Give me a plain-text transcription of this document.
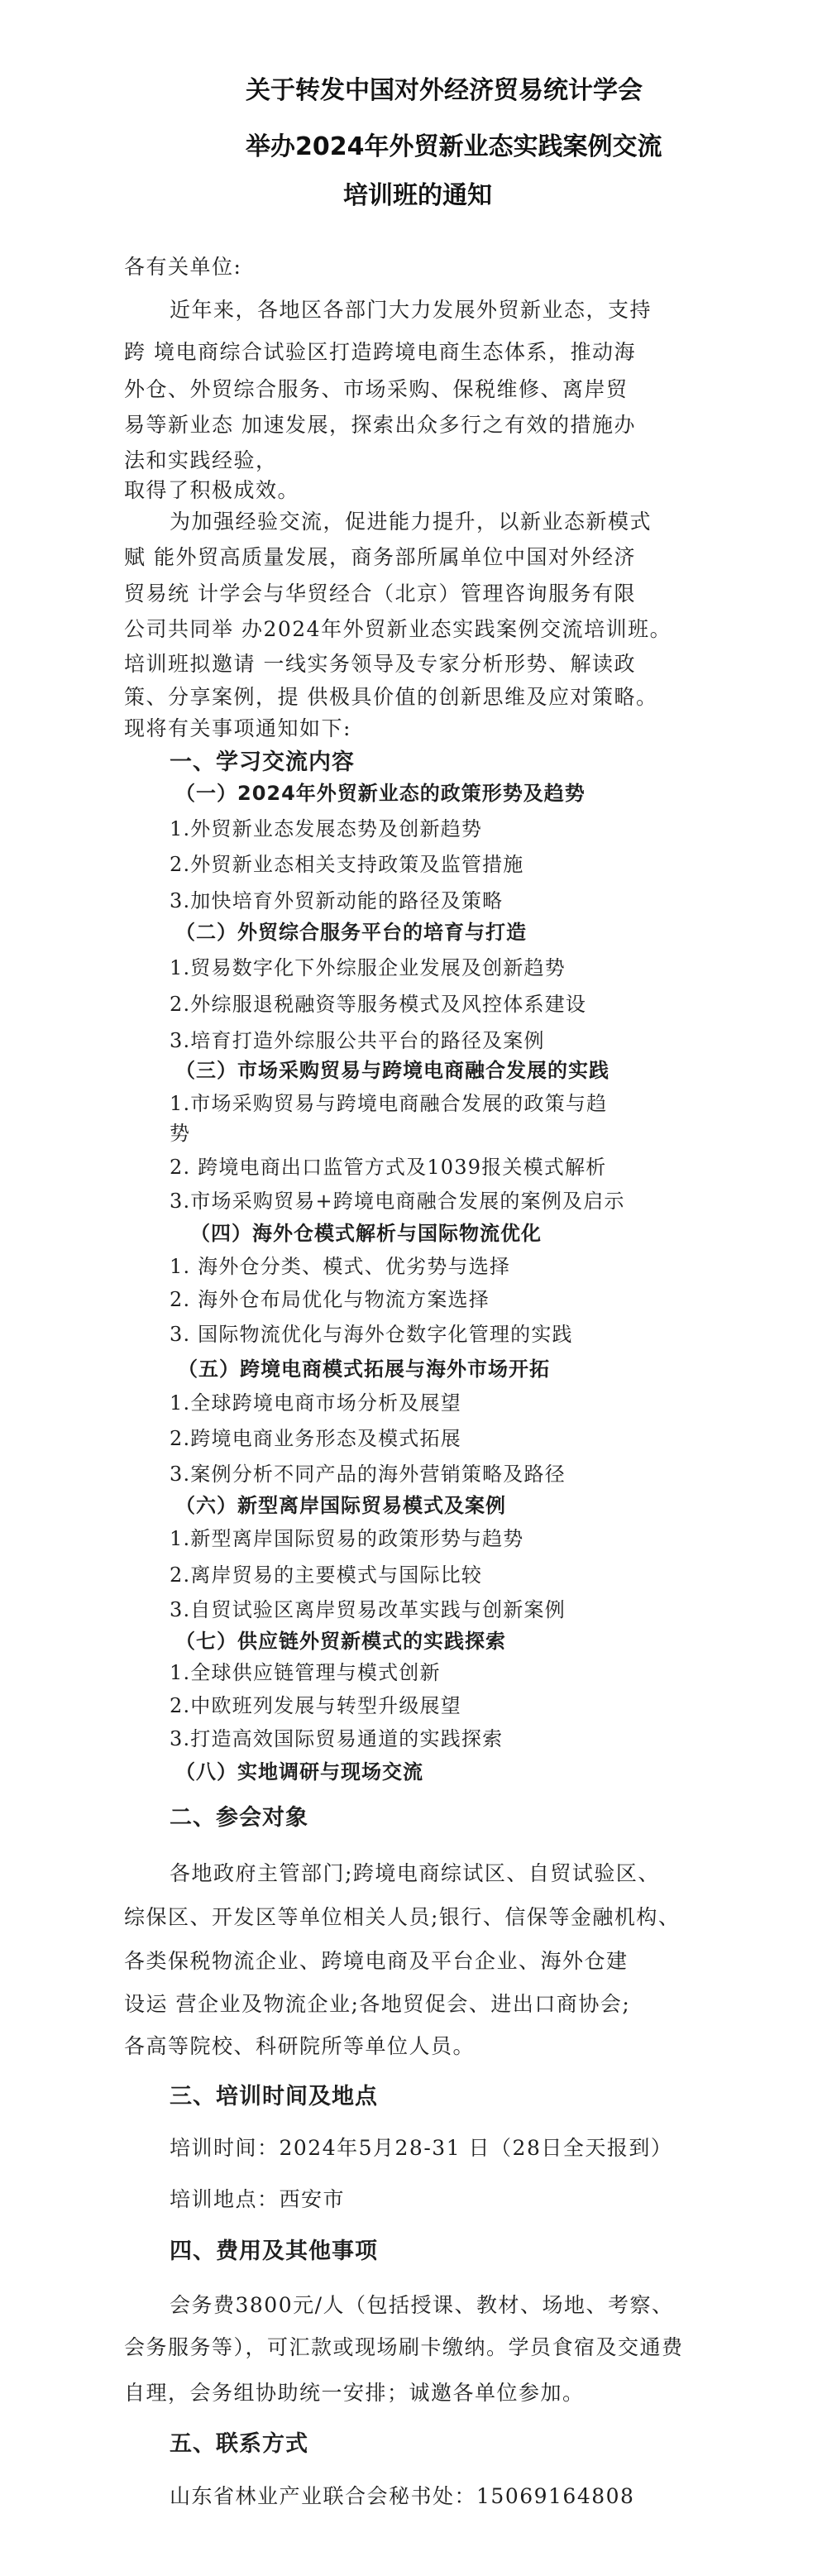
关于转发中国对外经济贸易统计学会
举办2024年外贸新业态实践案例交流
培训班的通知
各有关单位:
近年来，各地区各部门大力发展外贸新业态，支持
跨 境电商综合试验区打造跨境电商生态体系，推动海
外仓、外贸综合服务、市场采购、保税维修、离岸贸
易等新业态 加速发展，探索出众多行之有效的措施办
法和实践经验，
取得了积极成效。
为加强经验交流，促进能力提升，以新业态新模式
赋 能外贸高质量发展，商务部所属单位中国对外经济
贸易统 计学会与华贸经合（北京）管理咨询服务有限
公司共同举 办2024年外贸新业态实践案例交流培训班。
培训班拟邀请 一线实务领导及专家分析形势、解读政
策、分享案例，提 供极具价值的创新思维及应对策略。
现将有关事项通知如下:
一、学习交流内容
（一）2024年外贸新业态的政策形势及趋势
1.外贸新业态发展态势及创新趋势
2.外贸新业态相关支持政策及监管措施
3.加快培育外贸新动能的路径及策略
（二）外贸综合服务平台的培育与打造
1.贸易数字化下外综服企业发展及创新趋势
2.外综服退税融资等服务模式及风控体系建设
3.培育打造外综服公共平台的路径及案例
（三）市场采购贸易与跨境电商融合发展的实践
1.市场采购贸易与跨境电商融合发展的政策与趋
势
2. 跨境电商出口监管方式及1039报关模式解析
3.市场采购贸易+跨境电商融合发展的案例及启示
（四）海外仓模式解析与国际物流优化
1. 海外仓分类、模式、优劣势与选择
2. 海外仓布局优化与物流方案选择
3. 国际物流优化与海外仓数字化管理的实践
（五）跨境电商模式拓展与海外市场开拓
1.全球跨境电商市场分析及展望
2.跨境电商业务形态及模式拓展
3.案例分析不同产品的海外营销策略及路径
（六）新型离岸国际贸易模式及案例
1.新型离岸国际贸易的政策形势与趋势
2.离岸贸易的主要模式与国际比较
3.自贸试验区离岸贸易改革实践与创新案例
（七）供应链外贸新模式的实践探索
1.全球供应链管理与模式创新
2.中欧班列发展与转型升级展望
3.打造高效国际贸易通道的实践探索
（八）实地调研与现场交流
二、参会对象
各地政府主管部门;跨境电商综试区、自贸试验区、
综保区、开发区等单位相关人员;银行、信保等金融机构、
各类保税物流企业、跨境电商及平台企业、海外仓建
设运 营企业及物流企业;各地贸促会、进出口商协会;
各高等院校、科研院所等单位人员。
三、培训时间及地点
培训时间：2024年5月28-31 日（28日全天报到）
培训地点：西安市
四、费用及其他事项
会务费3800元/人（包括授课、教材、场地、考察、
会务服务等），可汇款或现场刷卡缴纳。学员食宿及交通费
自理，会务组协助统一安排；诚邀各单位参加。
五、联系方式
山东省林业产业联合会秘书处：15069164808
